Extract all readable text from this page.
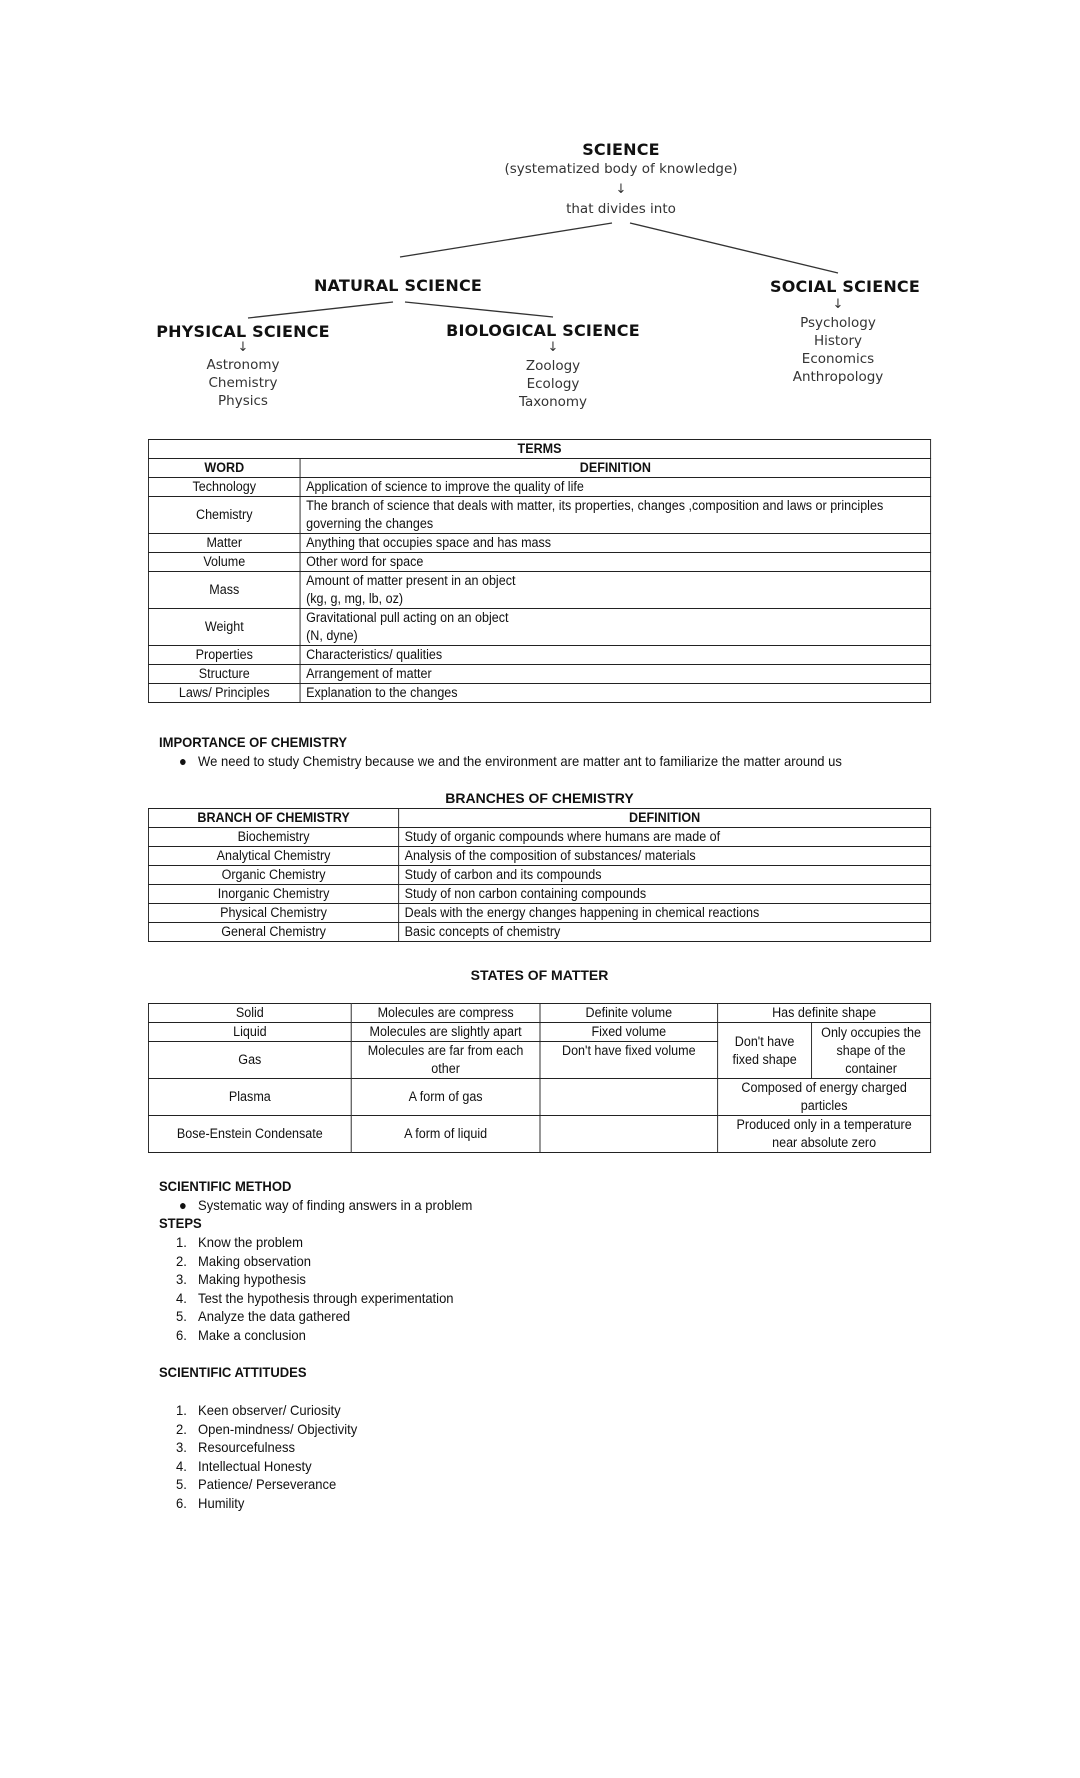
SCIENCE
(systematized body of knowledge)
↓
that divides into
NATURAL SCIENCE	SOCIAL SCIENCE
↓
Psychology
History
Economics
Anthropology
PHYSICAL SCIENCE
↓
Astronomy
Chemistry
Physics
BIOLOGICAL SCIENCE
↓
Zoology
Ecology
Taxonomy
TERMS	
WORD	DEFINITION
Technology	Application of science to improve the quality of life
Chemistry	The branch of science that deals with matter, its properties, changes ,composition and laws or principles
governing the changes

Matter	Anything that occupies space and has mass
Volume	Other word for space
Mass	Amount of matter present in an object
(kg, g, mg, lb, oz)

Weight	Gravitational pull acting on an object
(N, dyne)

Properties	Characteristics/ qualities
Structure	Arrangement of matter
Laws/ Principles	Explanation to the changes
IMPORTANCE OF CHEMISTRY
● We need to study Chemistry because we and the environment are matter ant to familiarize the matter around us
BRANCHES OF CHEMISTRY
BRANCH OF CHEMISTRY	DEFINITION
Biochemistry	Study of organic compounds where humans are made of
Analytical Chemistry	Analysis of the composition of substances/ materials
Organic Chemistry	Study of carbon and its compounds
Inorganic Chemistry	Study of non carbon containing compounds
Physical Chemistry	Deals with the energy changes happening in chemical reactions
General Chemistry	Basic concepts of chemistry
STATES OF MATTER
Solid	Molecules are compress	Definite volume	Has definite shape	
Liquid	Molecules are slightly apart	Fixed volume	Don't have fixed shape	Only occupies the shape of the container
Gas	Molecules are far from each other	Don't have fixed volume		
Plasma	A form of gas		Composed of energy charged particles	
Bose-Enstein Condensate	A form of liquid		Produced only in a temperature near absolute zero	
SCIENTIFIC METHOD
● Systematic way of finding answers in a problem
STEPS
1. Know the problem
2. Making observation
3. Making hypothesis
4. Test the hypothesis through experimentation
5. Analyze the data gathered
6. Make a conclusion
SCIENTIFIC ATTITUDES
1. Keen observer/ Curiosity
2. Open-mindness/ Objectivity
3. Resourcefulness
4. Intellectual Honesty
5. Patience/ Perseverance
6. Humility
